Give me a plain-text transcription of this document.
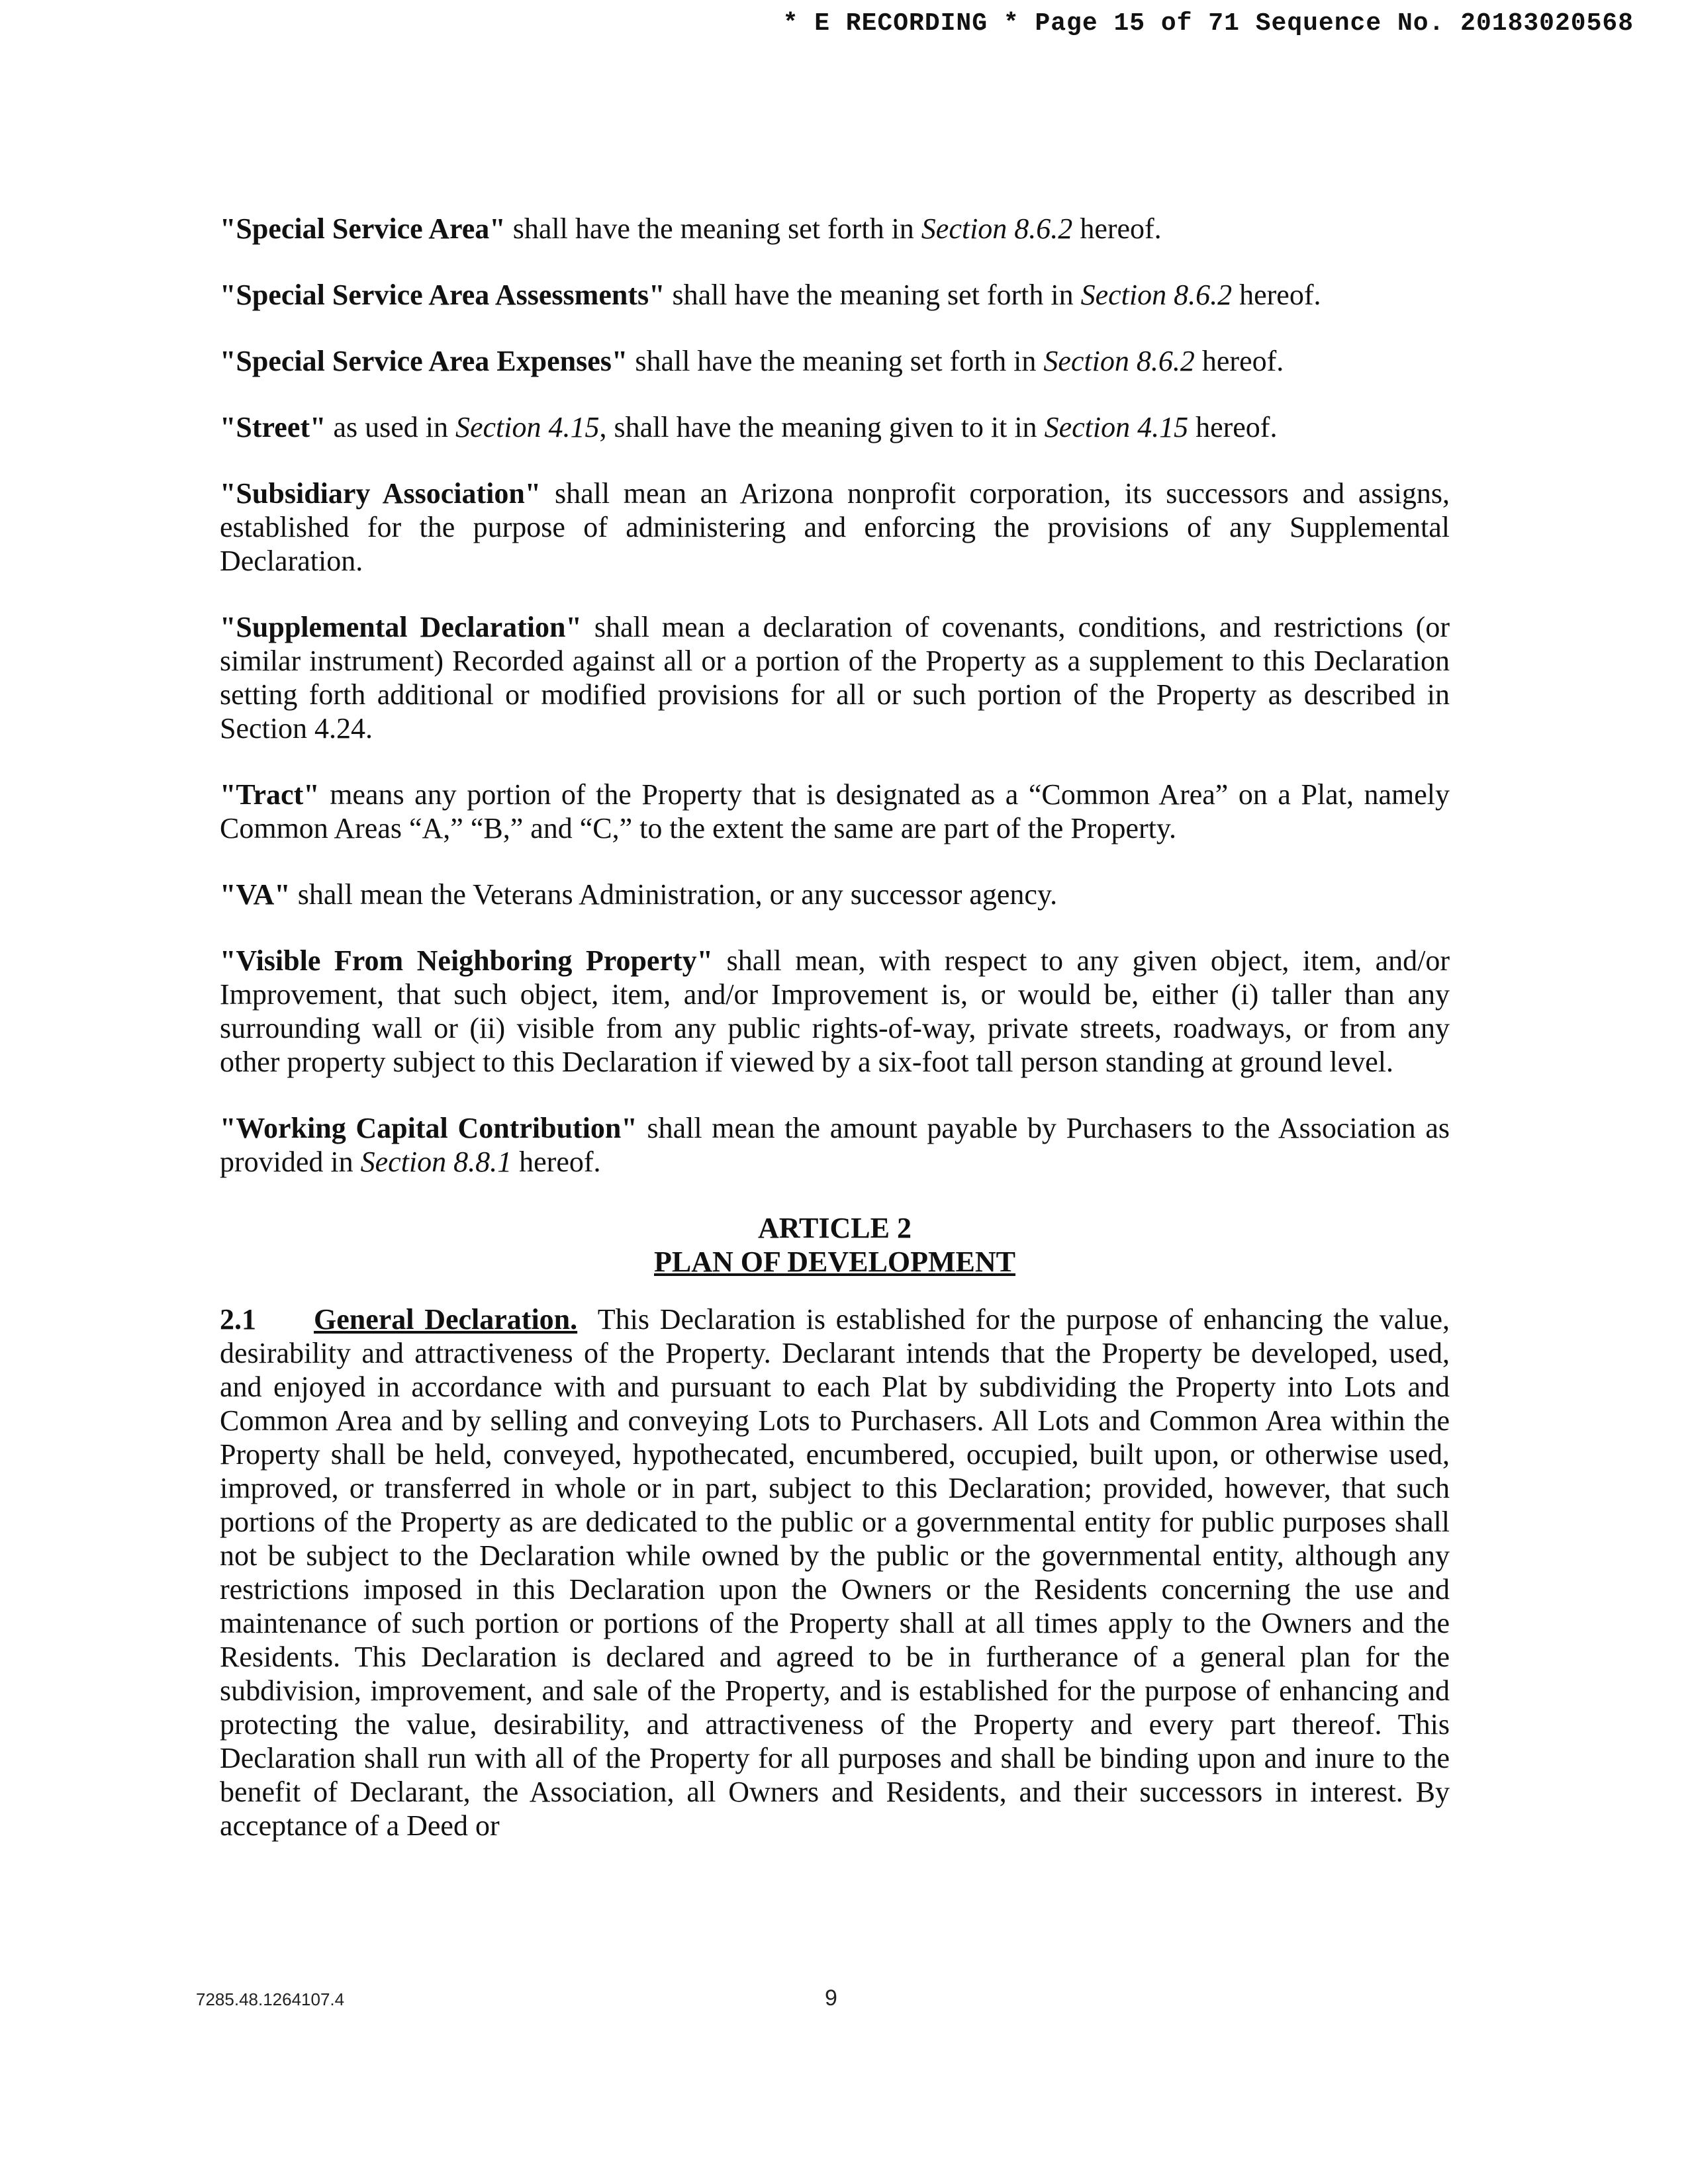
* E RECORDING * Page 15 of 71 Sequence No. 20183020568

"Special Service Area" shall have the meaning set forth in Section 8.6.2 hereof.

"Special Service Area Assessments" shall have the meaning set forth in Section 8.6.2 hereof.

"Special Service Area Expenses" shall have the meaning set forth in Section 8.6.2 hereof.

"Street" as used in Section 4.15, shall have the meaning given to it in Section 4.15 hereof.

"Subsidiary Association" shall mean an Arizona nonprofit corporation, its successors and assigns, established for the purpose of administering and enforcing the provisions of any Supplemental Declaration.

"Supplemental Declaration" shall mean a declaration of covenants, conditions, and restrictions (or similar instrument) Recorded against all or a portion of the Property as a supplement to this Declaration setting forth additional or modified provisions for all or such portion of the Property as described in Section 4.24.

"Tract" means any portion of the Property that is designated as a “Common Area” on a Plat, namely Common Areas “A,” “B,” and “C,” to the extent the same are part of the Property.

"VA" shall mean the Veterans Administration, or any successor agency.

"Visible From Neighboring Property" shall mean, with respect to any given object, item, and/or Improvement, that such object, item, and/or Improvement is, or would be, either (i) taller than any surrounding wall or (ii) visible from any public rights-of-way, private streets, roadways, or from any other property subject to this Declaration if viewed by a six-foot tall person standing at ground level.

"Working Capital Contribution" shall mean the amount payable by Purchasers to the Association as provided in Section 8.8.1 hereof.

ARTICLE 2
PLAN OF DEVELOPMENT

2.1 General Declaration. This Declaration is established for the purpose of enhancing the value, desirability and attractiveness of the Property. Declarant intends that the Property be developed, used, and enjoyed in accordance with and pursuant to each Plat by subdividing the Property into Lots and Common Area and by selling and conveying Lots to Purchasers. All Lots and Common Area within the Property shall be held, conveyed, hypothecated, encumbered, occupied, built upon, or otherwise used, improved, or transferred in whole or in part, subject to this Declaration; provided, however, that such portions of the Property as are dedicated to the public or a governmental entity for public purposes shall not be subject to the Declaration while owned by the public or the governmental entity, although any restrictions imposed in this Declaration upon the Owners or the Residents concerning the use and maintenance of such portion or portions of the Property shall at all times apply to the Owners and the Residents. This Declaration is declared and agreed to be in furtherance of a general plan for the subdivision, improvement, and sale of the Property, and is established for the purpose of enhancing and protecting the value, desirability, and attractiveness of the Property and every part thereof. This Declaration shall run with all of the Property for all purposes and shall be binding upon and inure to the benefit of Declarant, the Association, all Owners and Residents, and their successors in interest. By acceptance of a Deed or

7285.48.1264107.4	9
